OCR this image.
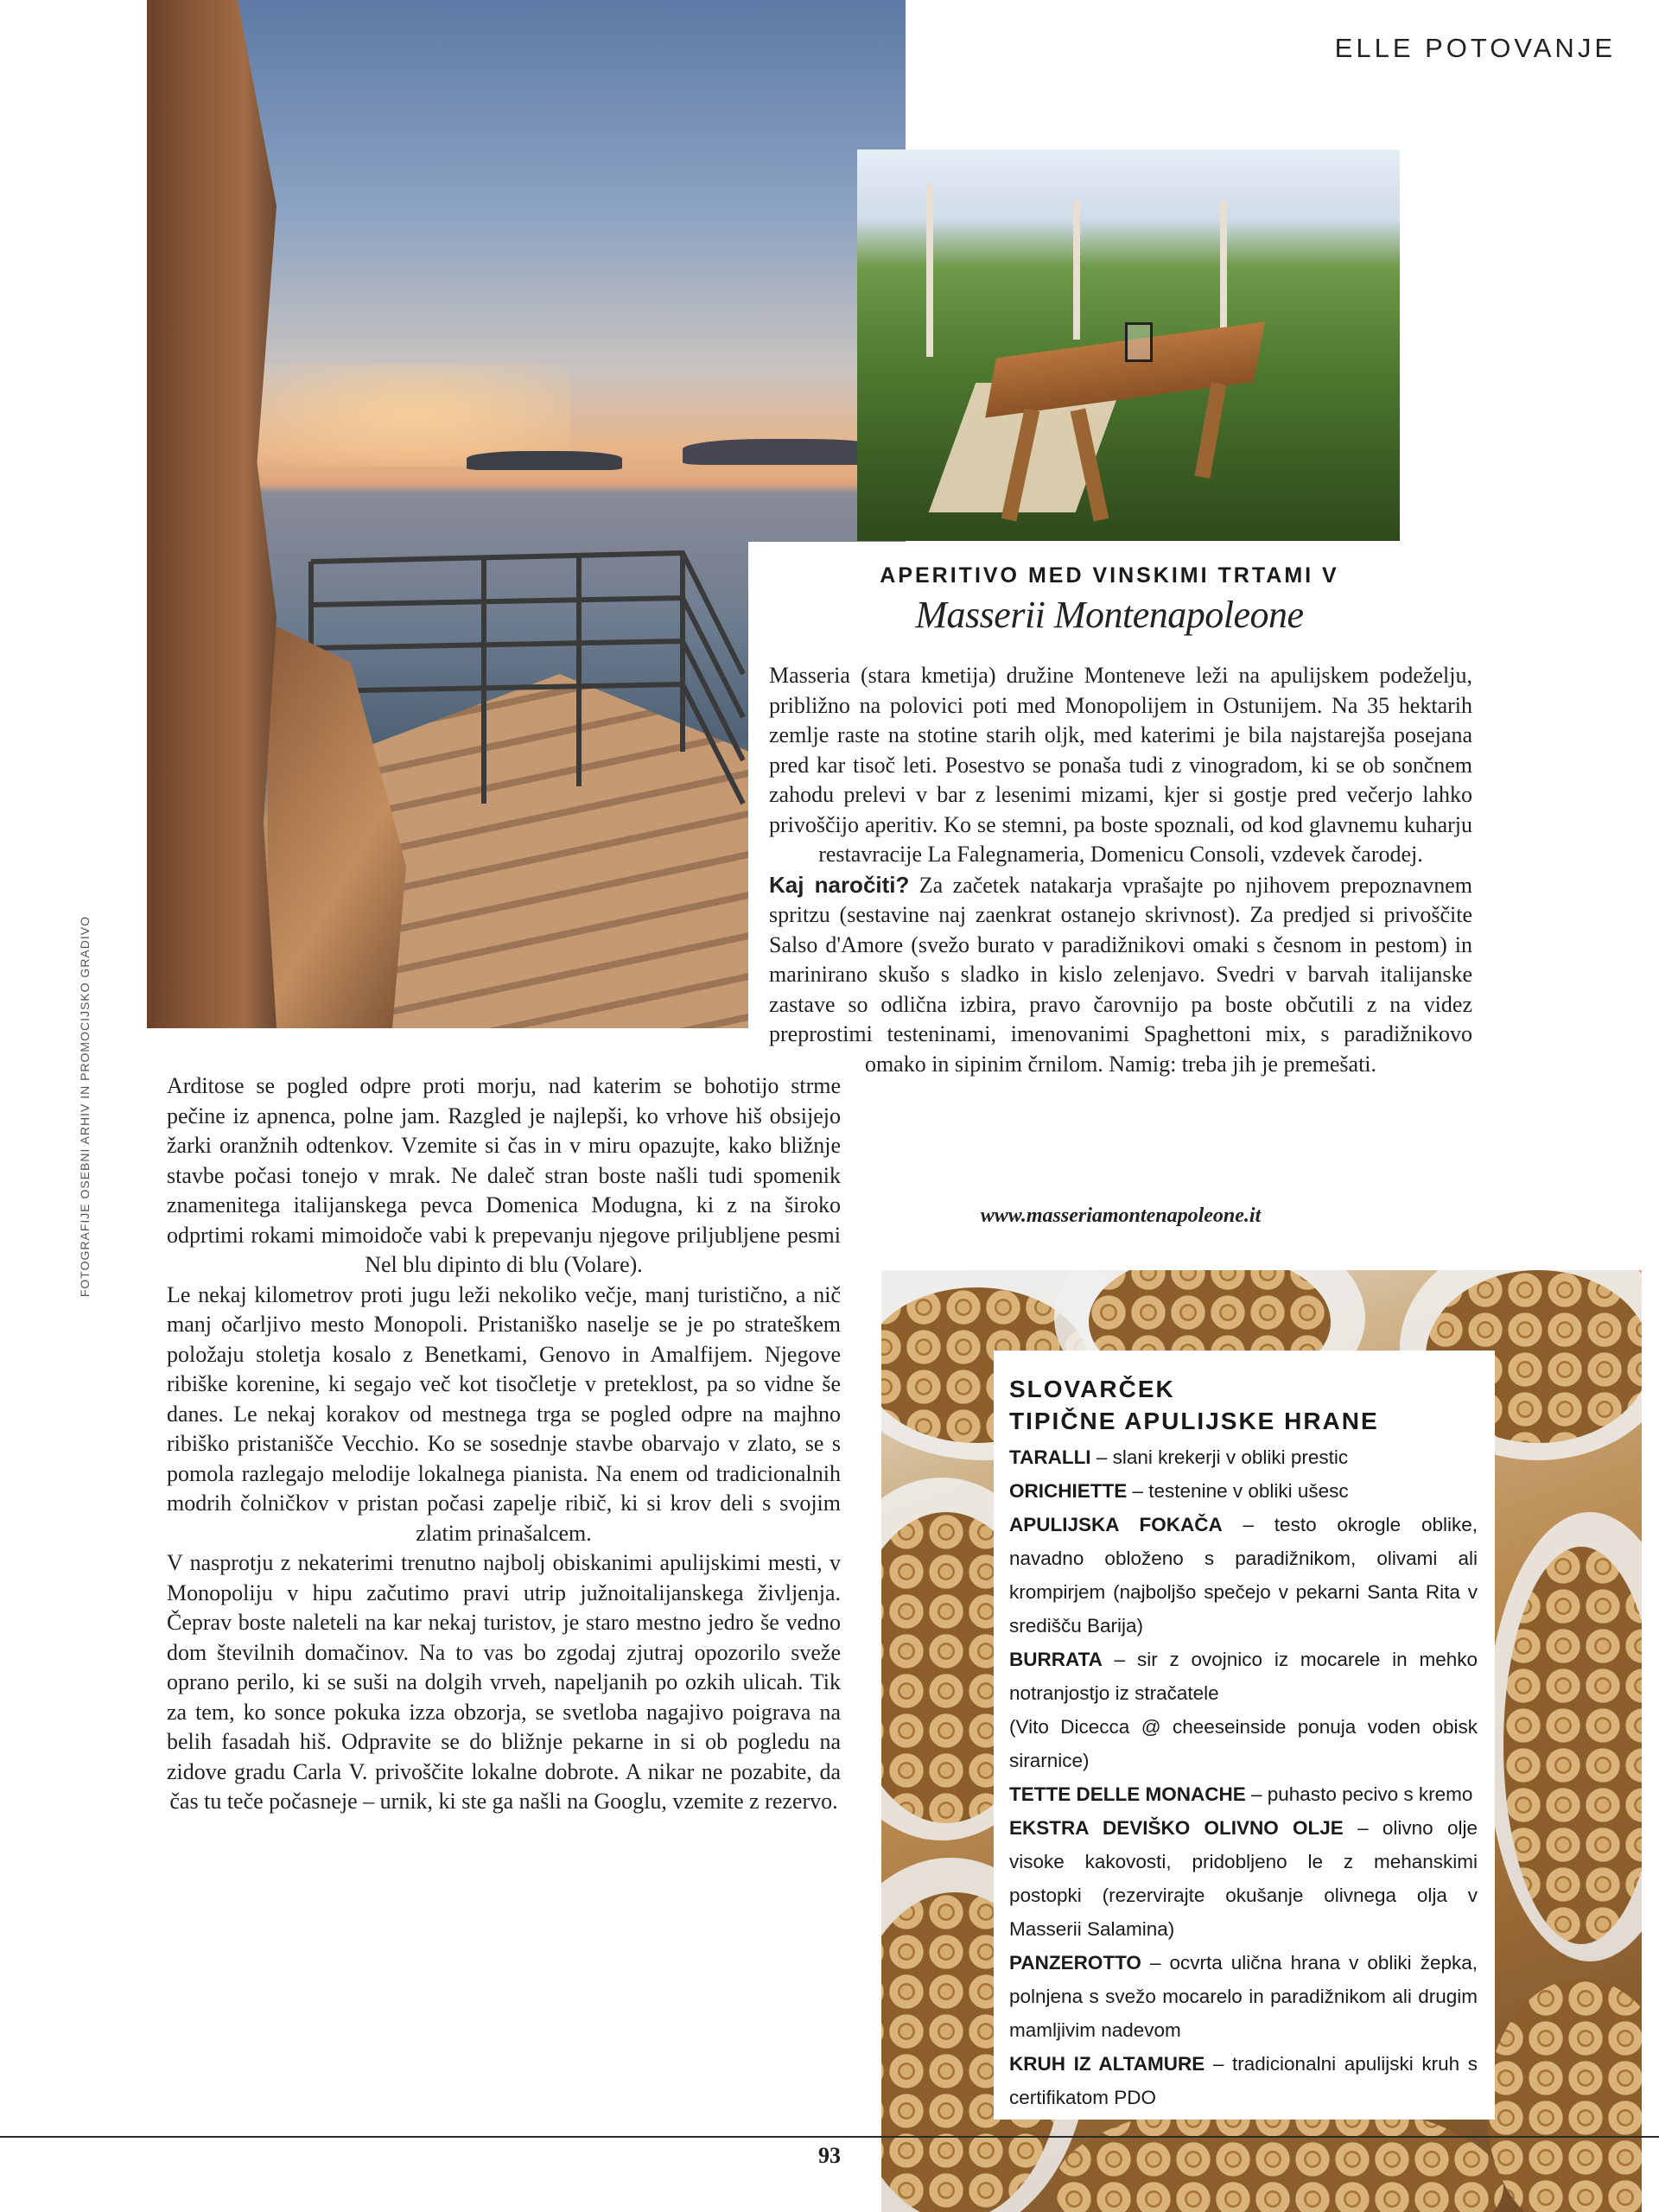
ELLE POTOVANJE
FOTOGRAFIJE OSEBNI ARHIV IN PROMOCIJSKO GRADIVO
APERITIVO MED VINSKIMI TRTAMI V
Masserii Montenapoleone

Masseria (stara kmetija) družine Monteneve leži na apulijskem podeželju, približno na polovici poti med Monopolijem in Ostunijem. Na 35 hektarih zemlje raste na stotine starih oljk, med katerimi je bila najstarejša posejana pred kar tisoč leti. Posestvo se ponaša tudi z vinogradom, ki se ob sončnem zahodu prelevi v bar z lesenimi mizami, kjer si gostje pred večerjo lahko privoščijo aperitiv. Ko se stemni, pa boste spoznali, od kod glavnemu kuharju restavracije La Falegnameria, Domenicu Consoli, vzdevek čarodej.

Kaj naročiti? Za začetek natakarja vprašajte po njihovem prepoznavnem spritzu (sestavine naj zaenkrat ostanejo skrivnost). Za predjed si privoščite Salso d'Amore (svežo burato v paradižnikovi omaki s česnom in pestom) in marinirano skušo s sladko in kislo zelenjavo. Svedri v barvah italijanske zastave so odlična izbira, pravo čarovnijo pa boste občutili z na videz preprostimi testeninami, imenovanimi Spaghettoni mix, s paradižnikovo omako in sipinim črnilom. Namig: treba jih je premešati.

www.masseriamontenapoleone.it

Arditose se pogled odpre proti morju, nad katerim se bohotijo strme pečine iz apnenca, polne jam. Razgled je najlepši, ko vrhove hiš obsijejo žarki oranžnih odtenkov. Vzemite si čas in v miru opazujte, kako bližnje stavbe počasi tonejo v mrak. Ne daleč stran boste našli tudi spomenik znamenitega italijanskega pevca Domenica Modugna, ki z na široko odprtimi rokami mimoidoče vabi k prepevanju njegove priljubljene pesmi Nel blu dipinto di blu (Volare).

Le nekaj kilometrov proti jugu leži nekoliko večje, manj turistično, a nič manj očarljivo mesto Monopoli. Pristaniško naselje se je po strateškem položaju stoletja kosalo z Benetkami, Genovo in Amalfijem. Njegove ribiške korenine, ki segajo več kot tisočletje v preteklost, pa so vidne še danes. Le nekaj korakov od mestnega trga se pogled odpre na majhno ribiško pristanišče Vecchio. Ko se sosednje stavbe obarvajo v zlato, se s pomola razlegajo melodije lokalnega pianista. Na enem od tradicionalnih modrih čolničkov v pristan počasi zapelje ribič, ki si krov deli s svojim zlatim prinašalcem.

V nasprotju z nekaterimi trenutno najbolj obiskanimi apulijskimi mesti, v Monopoliju v hipu začutimo pravi utrip južnoitalijanskega življenja. Čeprav boste naleteli na kar nekaj turistov, je staro mestno jedro še vedno dom številnih domačinov. Na to vas bo zgodaj zjutraj opozorilo sveže oprano perilo, ki se suši na dolgih vrveh, napeljanih po ozkih ulicah. Tik za tem, ko sonce pokuka izza obzorja, se svetloba nagajivo poigrava na belih fasadah hiš. Odpravite se do bližnje pekarne in si ob pogledu na zidove gradu Carla V. privoščite lokalne dobrote. A nikar ne pozabite, da čas tu teče počasneje – urnik, ki ste ga našli na Googlu, vzemite z rezervo.

SLOVARČEK
TIPIČNE APULIJSKE HRANE

TARALLI – slani krekerji v obliki prestic

ORICHIETTE – testenine v obliki ušesc

APULIJSKA FOKAČA – testo okrogle oblike, navadno obloženo s paradižnikom, olivami ali krompirjem (najboljšo spečejo v pekarni Santa Rita v središču Barija)

BURRATA – sir z ovojnico iz mocarele in mehko notranjostjo iz stračatele

(Vito Dicecca @ cheeseinside ponuja voden obisk sirarnice)

TETTE DELLE MONACHE – puhasto pecivo s kremo

EKSTRA DEVIŠKO OLIVNO OLJE – olivno olje visoke kakovosti, pridobljeno le z mehanskimi postopki (rezervirajte okušanje olivnega olja v Masserii Salamina)

PANZEROTTO – ocvrta ulična hrana v obliki žepka, polnjena s svežo mocarelo in paradižnikom ali drugim mamljivim nadevom

KRUH IZ ALTAMURE – tradicionalni apulijski kruh s certifikatom PDO

93
